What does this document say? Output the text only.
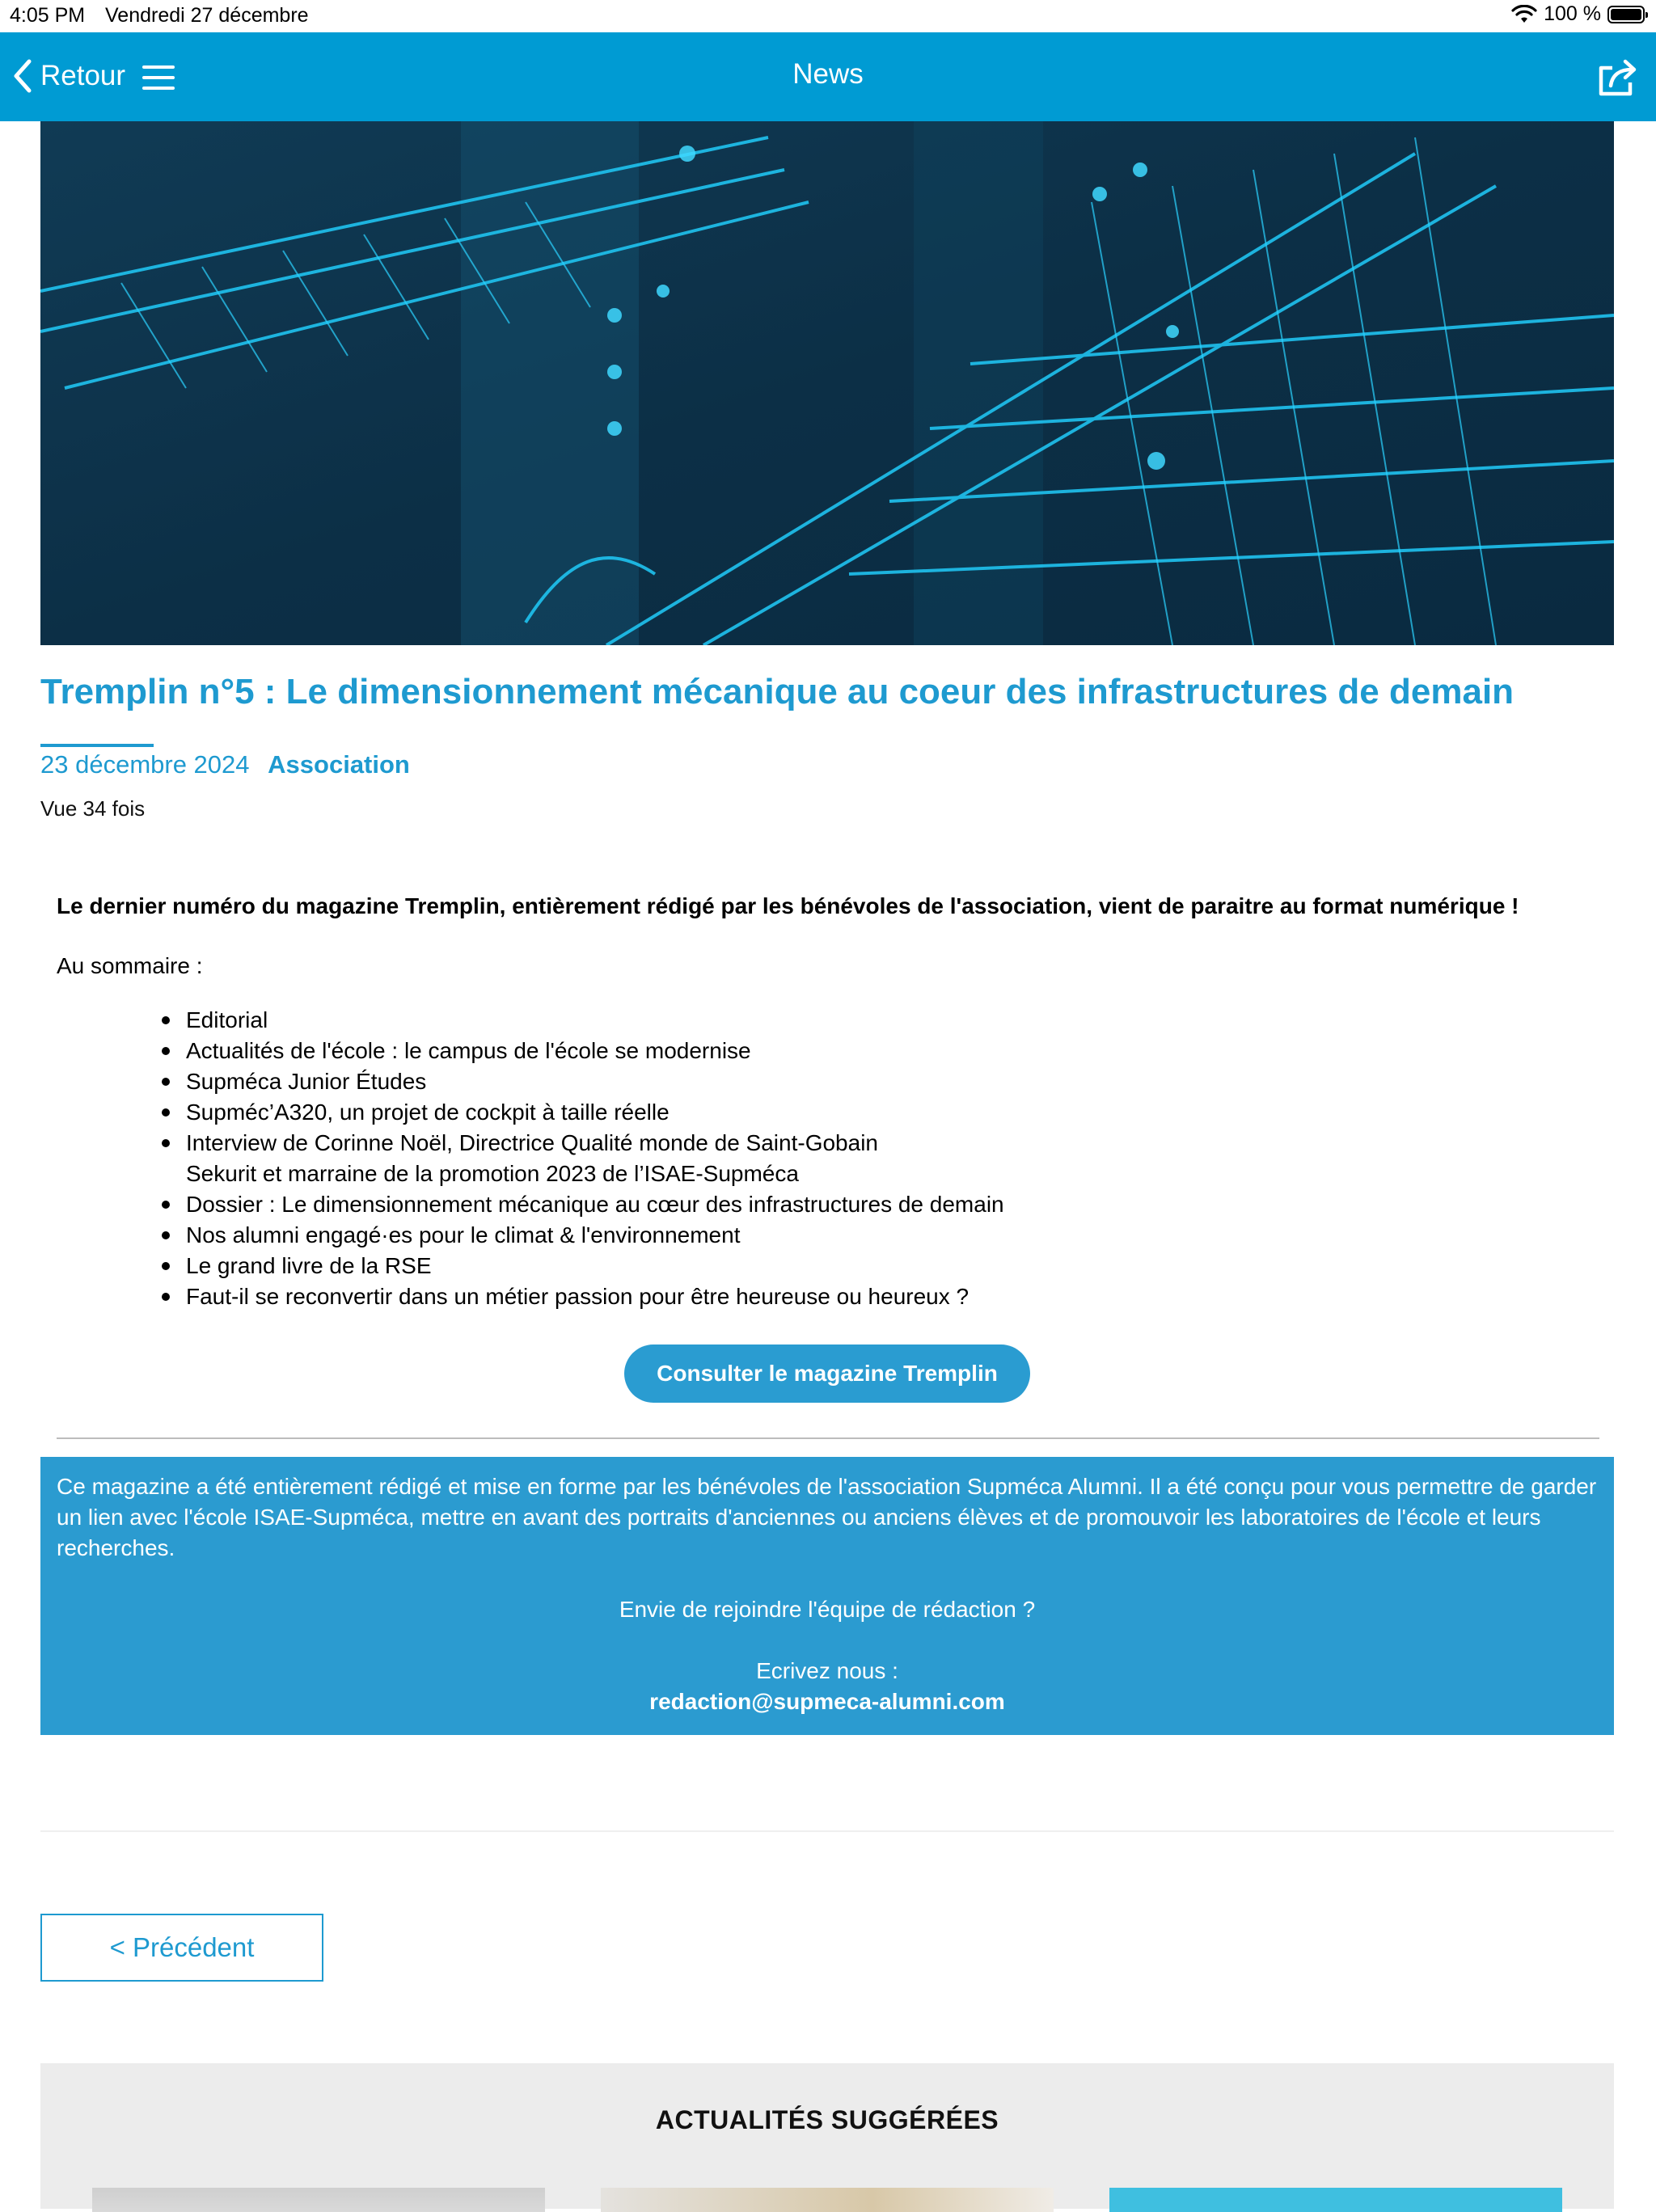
4:05 PM Vendredi 27 décembre	100 %
Retour	News
Tremplin n°5 : Le dimensionnement mécanique au coeur des infrastructures de demain
23 décembre 2024 Association
Vue 34 fois
Le dernier numéro du magazine Tremplin, entièrement rédigé par les bénévoles de l'association, vient de paraitre au format numérique !
Au sommaire :
Editorial
Actualités de l'école : le campus de l'école se modernise
Supméca Junior Études
Supméc’A320, un projet de cockpit à taille réelle
Interview de Corinne Noël, Directrice Qualité monde de Saint-Gobain
Sekurit et marraine de la promotion 2023 de l’ISAE-Supméca
Dossier : Le dimensionnement mécanique au cœur des infrastructures de demain
Nos alumni engagé·es pour le climat & l'environnement
Le grand livre de la RSE
Faut-il se reconvertir dans un métier passion pour être heureuse ou heureux ?
Consulter le magazine Tremplin
Ce magazine a été entièrement rédigé et mise en forme par les bénévoles de l'association Supméca Alumni. Il a été conçu pour vous permettre de garder un lien avec l'école ISAE-Supméca, mettre en avant des portraits d'anciennes ou anciens élèves et de promouvoir les laboratoires de l'école et leurs recherches.
Envie de rejoindre l'équipe de rédaction ?
Ecrivez nous :
redaction@supmeca-alumni.com
< Précédent
ACTUALITÉS SUGGÉRÉES
